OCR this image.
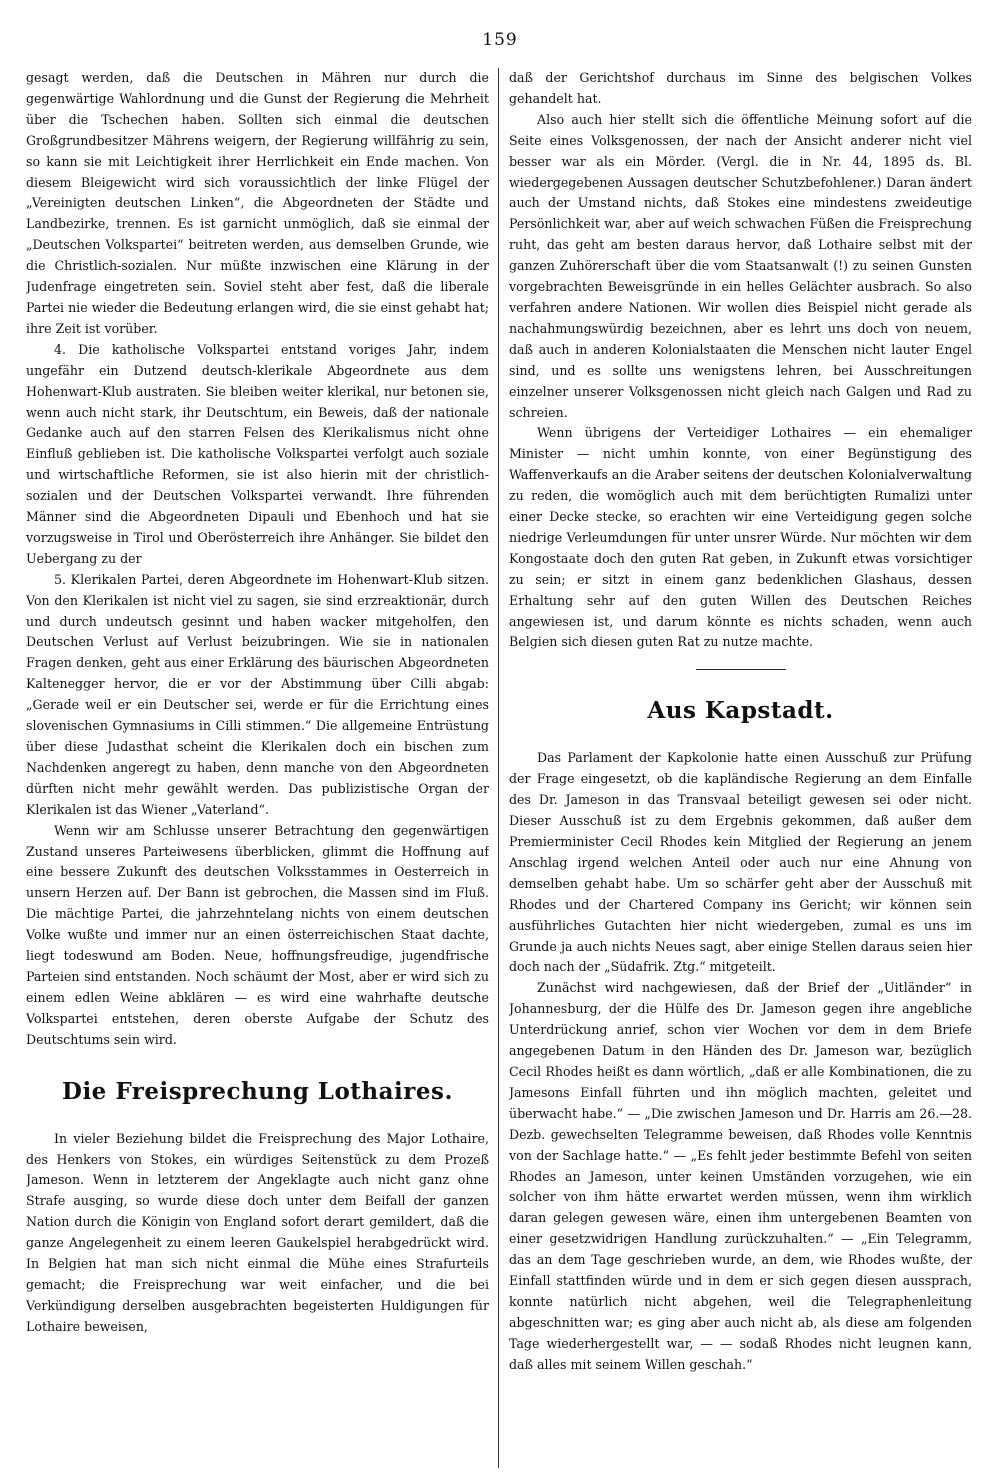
159

gesagt werden, daß die Deutschen in Mähren nur durch die gegenwärtige Wahlordnung und die Gunst der Regierung die Mehrheit über die Tschechen haben. Sollten sich einmal die deutschen Großgrundbesitzer Mährens weigern, der Regierung willfährig zu sein, so kann sie mit Leichtigkeit ihrer Herrlichkeit ein Ende machen. Von diesem Bleigewicht wird sich voraussichtlich der linke Flügel der „Vereinigten deutschen Linken“, die Abgeordneten der Städte und Landbezirke, trennen. Es ist garnicht unmöglich, daß sie einmal der „Deutschen Volkspartei“ beitreten werden, aus demselben Grunde, wie die Christlich-sozialen. Nur müßte inzwischen eine Klärung in der Judenfrage eingetreten sein. Soviel steht aber fest, daß die liberale Partei nie wieder die Bedeutung erlangen wird, die sie einst gehabt hat; ihre Zeit ist vorüber.

4. Die katholische Volkspartei entstand voriges Jahr, indem ungefähr ein Dutzend deutsch-klerikale Abgeordnete aus dem Hohenwart-Klub austraten. Sie bleiben weiter klerikal, nur betonen sie, wenn auch nicht stark, ihr Deutschtum, ein Beweis, daß der nationale Gedanke auch auf den starren Felsen des Klerikalismus nicht ohne Einfluß geblieben ist. Die katholische Volkspartei verfolgt auch soziale und wirtschaftliche Reformen, sie ist also hierin mit der christlich-sozialen und der Deutschen Volkspartei verwandt. Ihre führenden Männer sind die Abgeordneten Dipauli und Ebenhoch und hat sie vorzugsweise in Tirol und Oberösterreich ihre Anhänger. Sie bildet den Uebergang zu der

5. Klerikalen Partei, deren Abgeordnete im Hohenwart-Klub sitzen. Von den Klerikalen ist nicht viel zu sagen, sie sind erzreaktionär, durch und durch undeutsch gesinnt und haben wacker mitgeholfen, den Deutschen Verlust auf Verlust beizubringen. Wie sie in nationalen Fragen denken, geht aus einer Erklärung des bäurischen Abgeordneten Kaltenegger hervor, die er vor der Abstimmung über Cilli abgab: „Gerade weil er ein Deutscher sei, werde er für die Errichtung eines slovenischen Gymnasiums in Cilli stimmen.“ Die allgemeine Entrüstung über diese Judasthat scheint die Klerikalen doch ein bischen zum Nachdenken angeregt zu haben, denn manche von den Abgeordneten dürften nicht mehr gewählt werden. Das publizistische Organ der Klerikalen ist das Wiener „Vaterland“.

Wenn wir am Schlusse unserer Betrachtung den gegenwärtigen Zustand unseres Parteiwesens überblicken, glimmt die Hoffnung auf eine bessere Zukunft des deutschen Volksstammes in Oesterreich in unsern Herzen auf. Der Bann ist gebrochen, die Massen sind im Fluß. Die mächtige Partei, die jahrzehntelang nichts von einem deutschen Volke wußte und immer nur an einen österreichischen Staat dachte, liegt todeswund am Boden. Neue, hoffnungsfreudige, jugendfrische Parteien sind entstanden. Noch schäumt der Most, aber er wird sich zu einem edlen Weine abklären — es wird eine wahrhafte deutsche Volkspartei entstehen, deren oberste Aufgabe der Schutz des Deutschtums sein wird.

Die Freisprechung Lothaires.

In vieler Beziehung bildet die Freisprechung des Major Lothaire, des Henkers von Stokes, ein würdiges Seitenstück zu dem Prozeß Jameson. Wenn in letzterem der Angeklagte auch nicht ganz ohne Strafe ausging, so wurde diese doch unter dem Beifall der ganzen Nation durch die Königin von England sofort derart gemildert, daß die ganze Angelegenheit zu einem leeren Gaukelspiel herabgedrückt wird. In Belgien hat man sich nicht einmal die Mühe eines Strafurteils gemacht; die Freisprechung war weit einfacher, und die bei Verkündigung derselben ausgebrachten begeisterten Huldigungen für Lothaire beweisen,

daß der Gerichtshof durchaus im Sinne des belgischen Volkes gehandelt hat.

Also auch hier stellt sich die öffentliche Meinung sofort auf die Seite eines Volksgenossen, der nach der Ansicht anderer nicht viel besser war als ein Mörder. (Vergl. die in Nr. 44, 1895 ds. Bl. wiedergegebenen Aussagen deutscher Schutzbefohlener.) Daran ändert auch der Umstand nichts, daß Stokes eine mindestens zweideutige Persönlichkeit war, aber auf weich schwachen Füßen die Freisprechung ruht, das geht am besten daraus hervor, daß Lothaire selbst mit der ganzen Zuhörerschaft über die vom Staatsanwalt (!) zu seinen Gunsten vorgebrachten Beweisgründe in ein helles Gelächter ausbrach. So also verfahren andere Nationen. Wir wollen dies Beispiel nicht gerade als nachahmungswürdig bezeichnen, aber es lehrt uns doch von neuem, daß auch in anderen Kolonialstaaten die Menschen nicht lauter Engel sind, und es sollte uns wenigstens lehren, bei Ausschreitungen einzelner unserer Volksgenossen nicht gleich nach Galgen und Rad zu schreien.

Wenn übrigens der Verteidiger Lothaires — ein ehemaliger Minister — nicht umhin konnte, von einer Begünstigung des Waffenverkaufs an die Araber seitens der deutschen Kolonialverwaltung zu reden, die womöglich auch mit dem berüchtigten Rumalizi unter einer Decke stecke, so erachten wir eine Verteidigung gegen solche niedrige Verleumdungen für unter unsrer Würde. Nur möchten wir dem Kongostaate doch den guten Rat geben, in Zukunft etwas vorsichtiger zu sein; er sitzt in einem ganz bedenklichen Glashaus, dessen Erhaltung sehr auf den guten Willen des Deutschen Reiches angewiesen ist, und darum könnte es nichts schaden, wenn auch Belgien sich diesen guten Rat zu nutze machte.

Aus Kapstadt.

Das Parlament der Kapkolonie hatte einen Ausschuß zur Prüfung der Frage eingesetzt, ob die kapländische Regierung an dem Einfalle des Dr. Jameson in das Transvaal beteiligt gewesen sei oder nicht. Dieser Ausschuß ist zu dem Ergebnis gekommen, daß außer dem Premierminister Cecil Rhodes kein Mitglied der Regierung an jenem Anschlag irgend welchen Anteil oder auch nur eine Ahnung von demselben gehabt habe. Um so schärfer geht aber der Ausschuß mit Rhodes und der Chartered Company ins Gericht; wir können sein ausführliches Gutachten hier nicht wiedergeben, zumal es uns im Grunde ja auch nichts Neues sagt, aber einige Stellen daraus seien hier doch nach der „Südafrik. Ztg.“ mitgeteilt.

Zunächst wird nachgewiesen, daß der Brief der „Uitländer“ in Johannesburg, der die Hülfe des Dr. Jameson gegen ihre angebliche Unterdrückung anrief, schon vier Wochen vor dem in dem Briefe angegebenen Datum in den Händen des Dr. Jameson war, bezüglich Cecil Rhodes heißt es dann wörtlich, „daß er alle Kombinationen, die zu Jamesons Einfall führten und ihn möglich machten, geleitet und überwacht habe.“ — „Die zwischen Jameson und Dr. Harris am 26.—28. Dezb. gewechselten Telegramme beweisen, daß Rhodes volle Kenntnis von der Sachlage hatte.“ — „Es fehlt jeder bestimmte Befehl von seiten Rhodes an Jameson, unter keinen Umständen vorzugehen, wie ein solcher von ihm hätte erwartet werden müssen, wenn ihm wirklich daran gelegen gewesen wäre, einen ihm untergebenen Beamten von einer gesetzwidrigen Handlung zurückzuhalten.“ — „Ein Telegramm, das an dem Tage geschrieben wurde, an dem, wie Rhodes wußte, der Einfall stattfinden würde und in dem er sich gegen diesen aussprach, konnte natürlich nicht abgehen, weil die Telegraphenleitung abgeschnitten war; es ging aber auch nicht ab, als diese am folgenden Tage wiederhergestellt war, — — sodaß Rhodes nicht leugnen kann, daß alles mit seinem Willen geschah.“
